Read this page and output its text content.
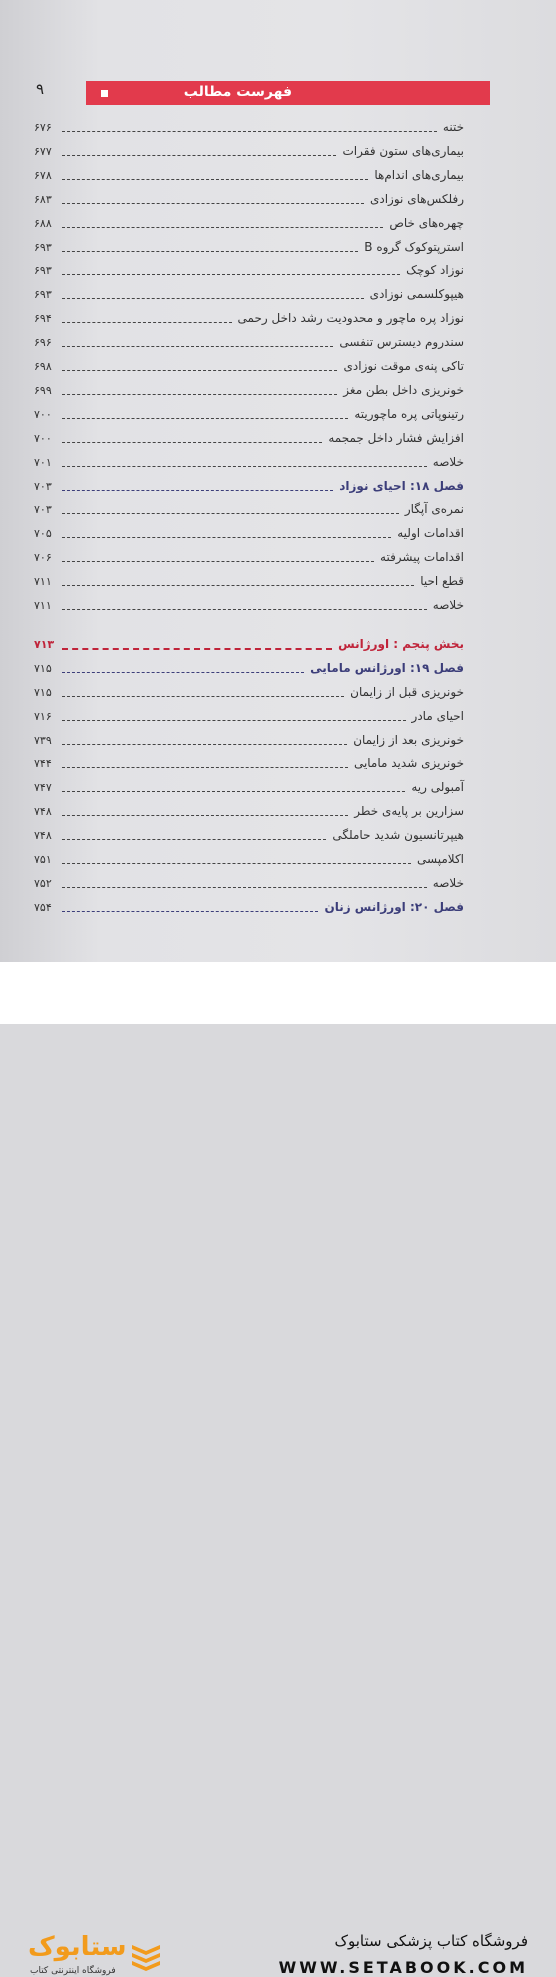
۹	فهرست مطالب
۶۷۶	ختنه
۶۷۷	بیماری‌های ستون فقرات
۶۷۸	بیماری‌های اندام‌ها
۶۸۳	رفلکس‌های نوزادی
۶۸۸	چهره‌های خاص
۶۹۳	استرپتوکوک گروه B
۶۹۳	نوزاد کوچک
۶۹۳	هیپوکلسمی نوزادی
۶۹۴	نوزاد پره ماچور و محدودیت رشد داخل رحمی
۶۹۶	سندروم دیسترس تنفسی
۶۹۸	تاکی پنه‌ی موقت نوزادی
۶۹۹	خونریزی داخل بطن مغز
۷۰۰	رتینوپاتی پره ماچوریته
۷۰۰	افزایش فشار داخل جمجمه
۷۰۱	خلاصه
۷۰۳	فصل ۱۸: احیای نوزاد
۷۰۳	نمره‌ی آپگار
۷۰۵	اقدامات اولیه
۷۰۶	اقدامات پیشرفته
۷۱۱	قطع احیا
۷۱۱	خلاصه
۷۱۳	بخش پنجم : اورژانس
۷۱۵	فصل ۱۹: اورژانس مامایی
۷۱۵	خونریزی قبل از زایمان
۷۱۶	احیای مادر
۷۳۹	خونریزی بعد از زایمان
۷۴۴	خونریزی شدید مامایی
۷۴۷	آمبولی ریه
۷۴۸	سزارین بر پایه‌ی خطر
۷۴۸	هیپرتانسیون شدید حاملگی
۷۵۱	اکلامپسی
۷۵۲	خلاصه
۷۵۴	فصل ۲۰: اورژانس زنان
ستابوک
فروشگاه اینترنتی کتاب
فروشگاه کتاب پزشکی ستابوک
WWW.SETABOOK.COM
